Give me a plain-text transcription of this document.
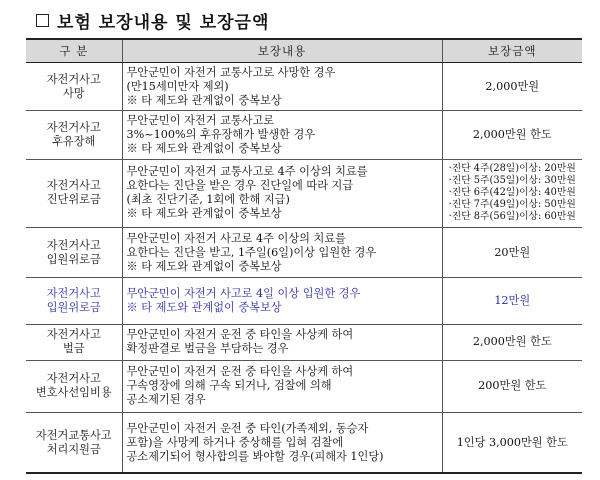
보험 보장내용 및 보장금액
구 분	보장내용	보장금액

자전거사고
사망	무안군민이 자전거 교통사고로 사망한 경우
(만15세미만자 제외)
※ 타 제도와 관계없이 중복보상	2,000만원

자전거사고
후유장해	무안군민이 자전거 교통사고로
3%~100%의 후유장해가 발생한 경우
※ 타 제도와 관계없이 중복보상	2,000만원 한도

자전거사고
진단위로금	무안군민이 자전거 교통사고로 4주 이상의 치료를
요한다는 진단을 받은 경우 진단일에 따라 지급
(최초 진단기준, 1회에 한해 지급)
※ 타 제도와 관계없이 중복보상	·진단 4주(28일)이상: 20만원
·진단 5주(35일)이상: 30만원
·진단 6주(42일)이상: 40만원
·진단 7주(49일)이상: 50만원
·진단 8주(56일)이상: 60만원

자전거사고
입원위로금	무안군민이 자전거 사고로 4주 이상의 치료를
요한다는 진단을 받고, 1주일(6일)이상 입원한 경우
※ 타 제도와 관계없이 중복보상	20만원

자전거사고
입원위로금	무안군민이 자전거 사고로 4일 이상 입원한 경우
※ 타 제도와 관계없이 중복보상	12만원

자전거사고
벌금	무안군민이 자전거 운전 중 타인을 사상케 하여
확정판결로 벌금을 부담하는 경우	2,000만원 한도

자전거사고
변호사선임비용	무안군민이 자전거 운전 중 타인을 사상케 하여
구속영장에 의해 구속 되거나, 검찰에 의해
공소제기된 경우	200만원 한도

자전거교통사고
처리지원금	무안군민이 자전거 운전 중 타인(가족제외, 동승자
포함)을 사망케 하거나 중상해를 입혀 검찰에
공소제기되어 형사합의를 봐야할 경우(피해자 1인당)	1인당 3,000만원 한도
